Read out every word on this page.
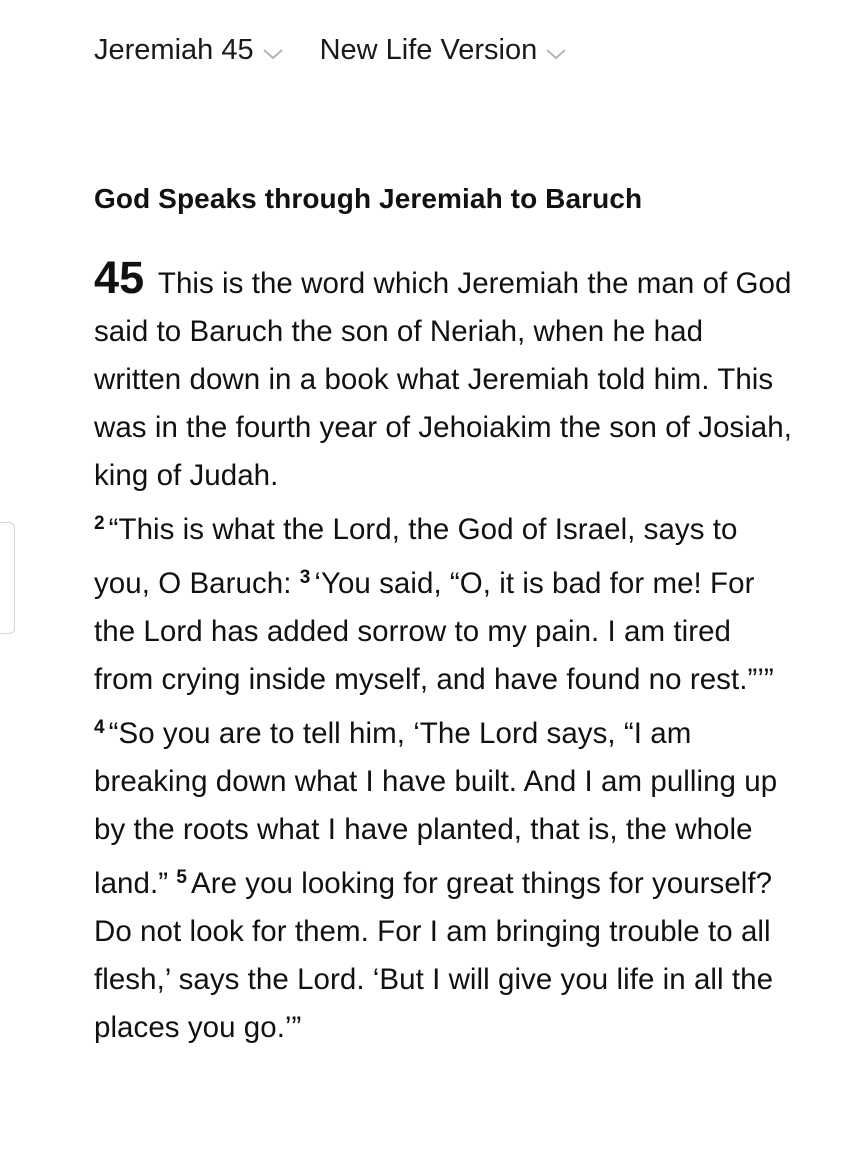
Jeremiah 45 New Life Version
God Speaks through Jeremiah to Baruch
45 This is the word which Jeremiah the man of God said to Baruch the son of Neriah, when he had written down in a book what Jeremiah told him. This was in the fourth year of Jehoiakim the son of Josiah, king of Judah.
$^2$ “This is what the Lord, the God of Israel, says to you, O Baruch: $^3$ ‘You said, “O, it is bad for me! For the Lord has added sorrow to my pain. I am tired from crying inside myself, and have found no rest.”’” $^4$ “So you are to tell him, ‘The Lord says, “I am breaking down what I have built. And I am pulling up by the roots what I have planted, that is, the whole land.” $^5$ Are you looking for great things for yourself? Do not look for them. For I am bringing trouble to all flesh,’ says the Lord. ‘But I will give you life in all the places you go.’”
